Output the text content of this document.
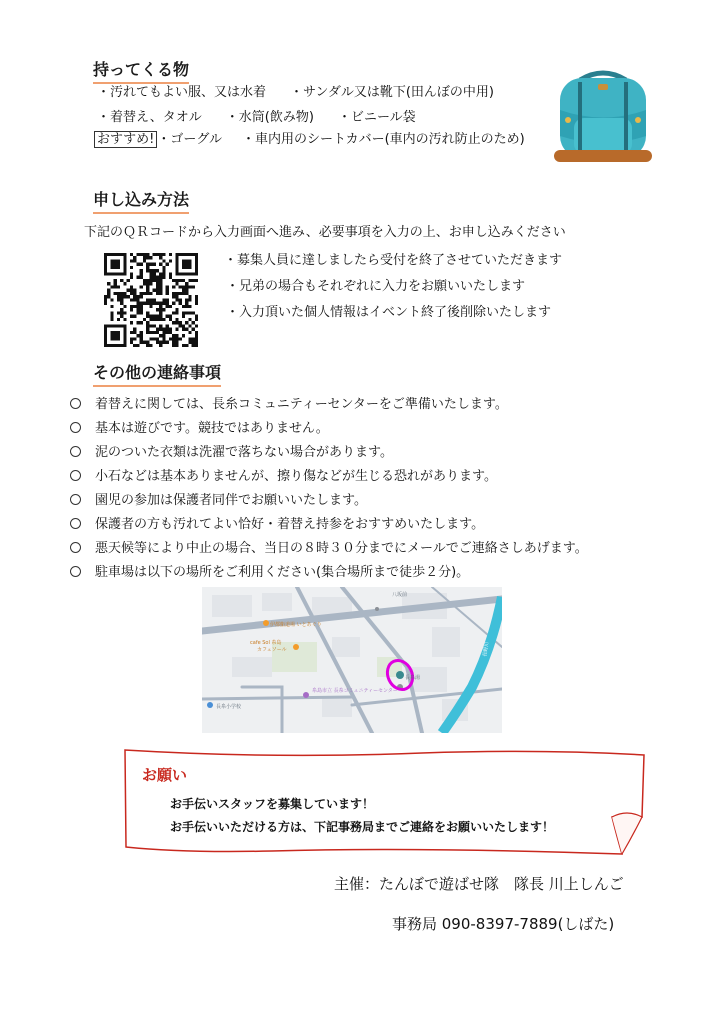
持ってくる物
・汚れてもよい服、又は水着 ・サンダル又は靴下(田んぼの中用)
・着替え、タオル ・水筒(飲み物) ・ビニール袋
おすすめ! ・ゴーグル ・車内用のシートカバー(車内の汚れ防止のため)
申し込み方法
下記のＱＲコードから入力画面へ進み、必要事項を入力の上、お申し込みください
・募集人員に達しましたら受付を終了させていただきます
・兄弟の場合もそれぞれに入力をお願いいたします
・入力頂いた個人情報はイベント終了後削除いたします
その他の連絡事項
着替えに関しては、長糸コミュニティーセンターをご準備いたします。
基本は遊びです。競技ではありません。
泥のついた衣類は洗濯で落ちない場合があります。
小石などは基本ありませんが、擦り傷などが生じる恐れがあります。
園児の参加は保護者同伴でお願いいたします。
保護者の方も汚れてよい恰好・着替え持参をおすすめいたします。
悪天候等により中止の場合、当日の８時３０分までにメールでご連絡さしあげます。
駐車場は以下の場所をご利用ください(集合場所まで徒歩２分)。
八坂前
伊都鮨道場 いとあぐり
cafe Sol 糸島
カフェソール
糸島市立 長糸コミュニティーセンター
長糸小学校
長糸湯
長野川
お願い
お手伝いスタッフを募集しています！
お手伝いいただける方は、下記事務局までご連絡をお願いいたします！
主催：たんぼで遊ばせ隊　隊長 川上しんご
事務局 090-8397-7889(しばた)
